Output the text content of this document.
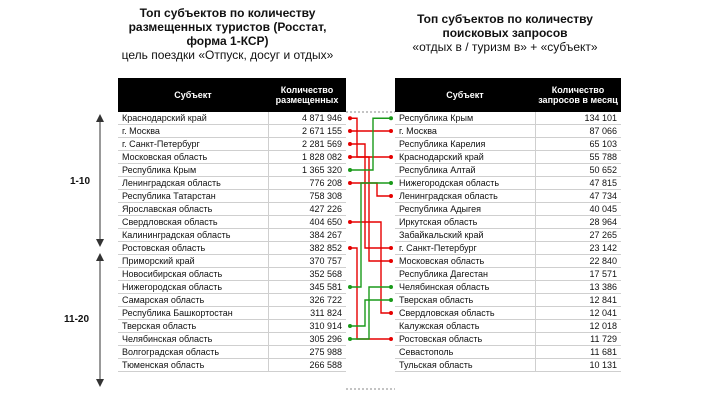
Топ субъектов по количеству
размещенных туристов (Росстат,
форма 1-КСР)
цель поездки «Отпуск, досуг и отдых»
Топ субъектов по количеству
поисковых запросов
«отдых в / туризм в» + «субъект»
Субъект	Количество размещенных
Краснодарский край	4 871 946
г. Москва	2 671 155
г. Санкт-Петербург	2 281 569
Московская область	1 828 082
Республика Крым	1 365 320
Ленинградская область	776 208
Республика Татарстан	758 308
Ярославская область	427 226
Свердловская область	404 650
Калининградская область	384 267
Ростовская область	382 852
Приморский край	370 757
Новосибирская область	352 568
Нижегородская область	345 581
Самарская область	326 722
Республика Башкортостан	311 824
Тверская область	310 914
Челябинская область	305 296
Волгоградская область	275 988
Тюменская область	266 588
Субъект	Количество запросов в месяц
Республика Крым	134 101
г. Москва	87 066
Республика Карелия	65 103
Краснодарский край	55 788
Республика Алтай	50 652
Нижегородская область	47 815
Ленинградская область	47 734
Республика Адыгея	40 045
Иркутская область	28 964
Забайкальский край	27 265
г. Санкт-Петербург	23 142
Московская область	22 840
Республика Дагестан	17 571
Челябинская область	13 386
Тверская область	12 841
Свердловская область	12 041
Калужская область	12 018
Ростовская область	11 729
Севастополь	11 681
Тульская область	10 131
1-10
11-20
